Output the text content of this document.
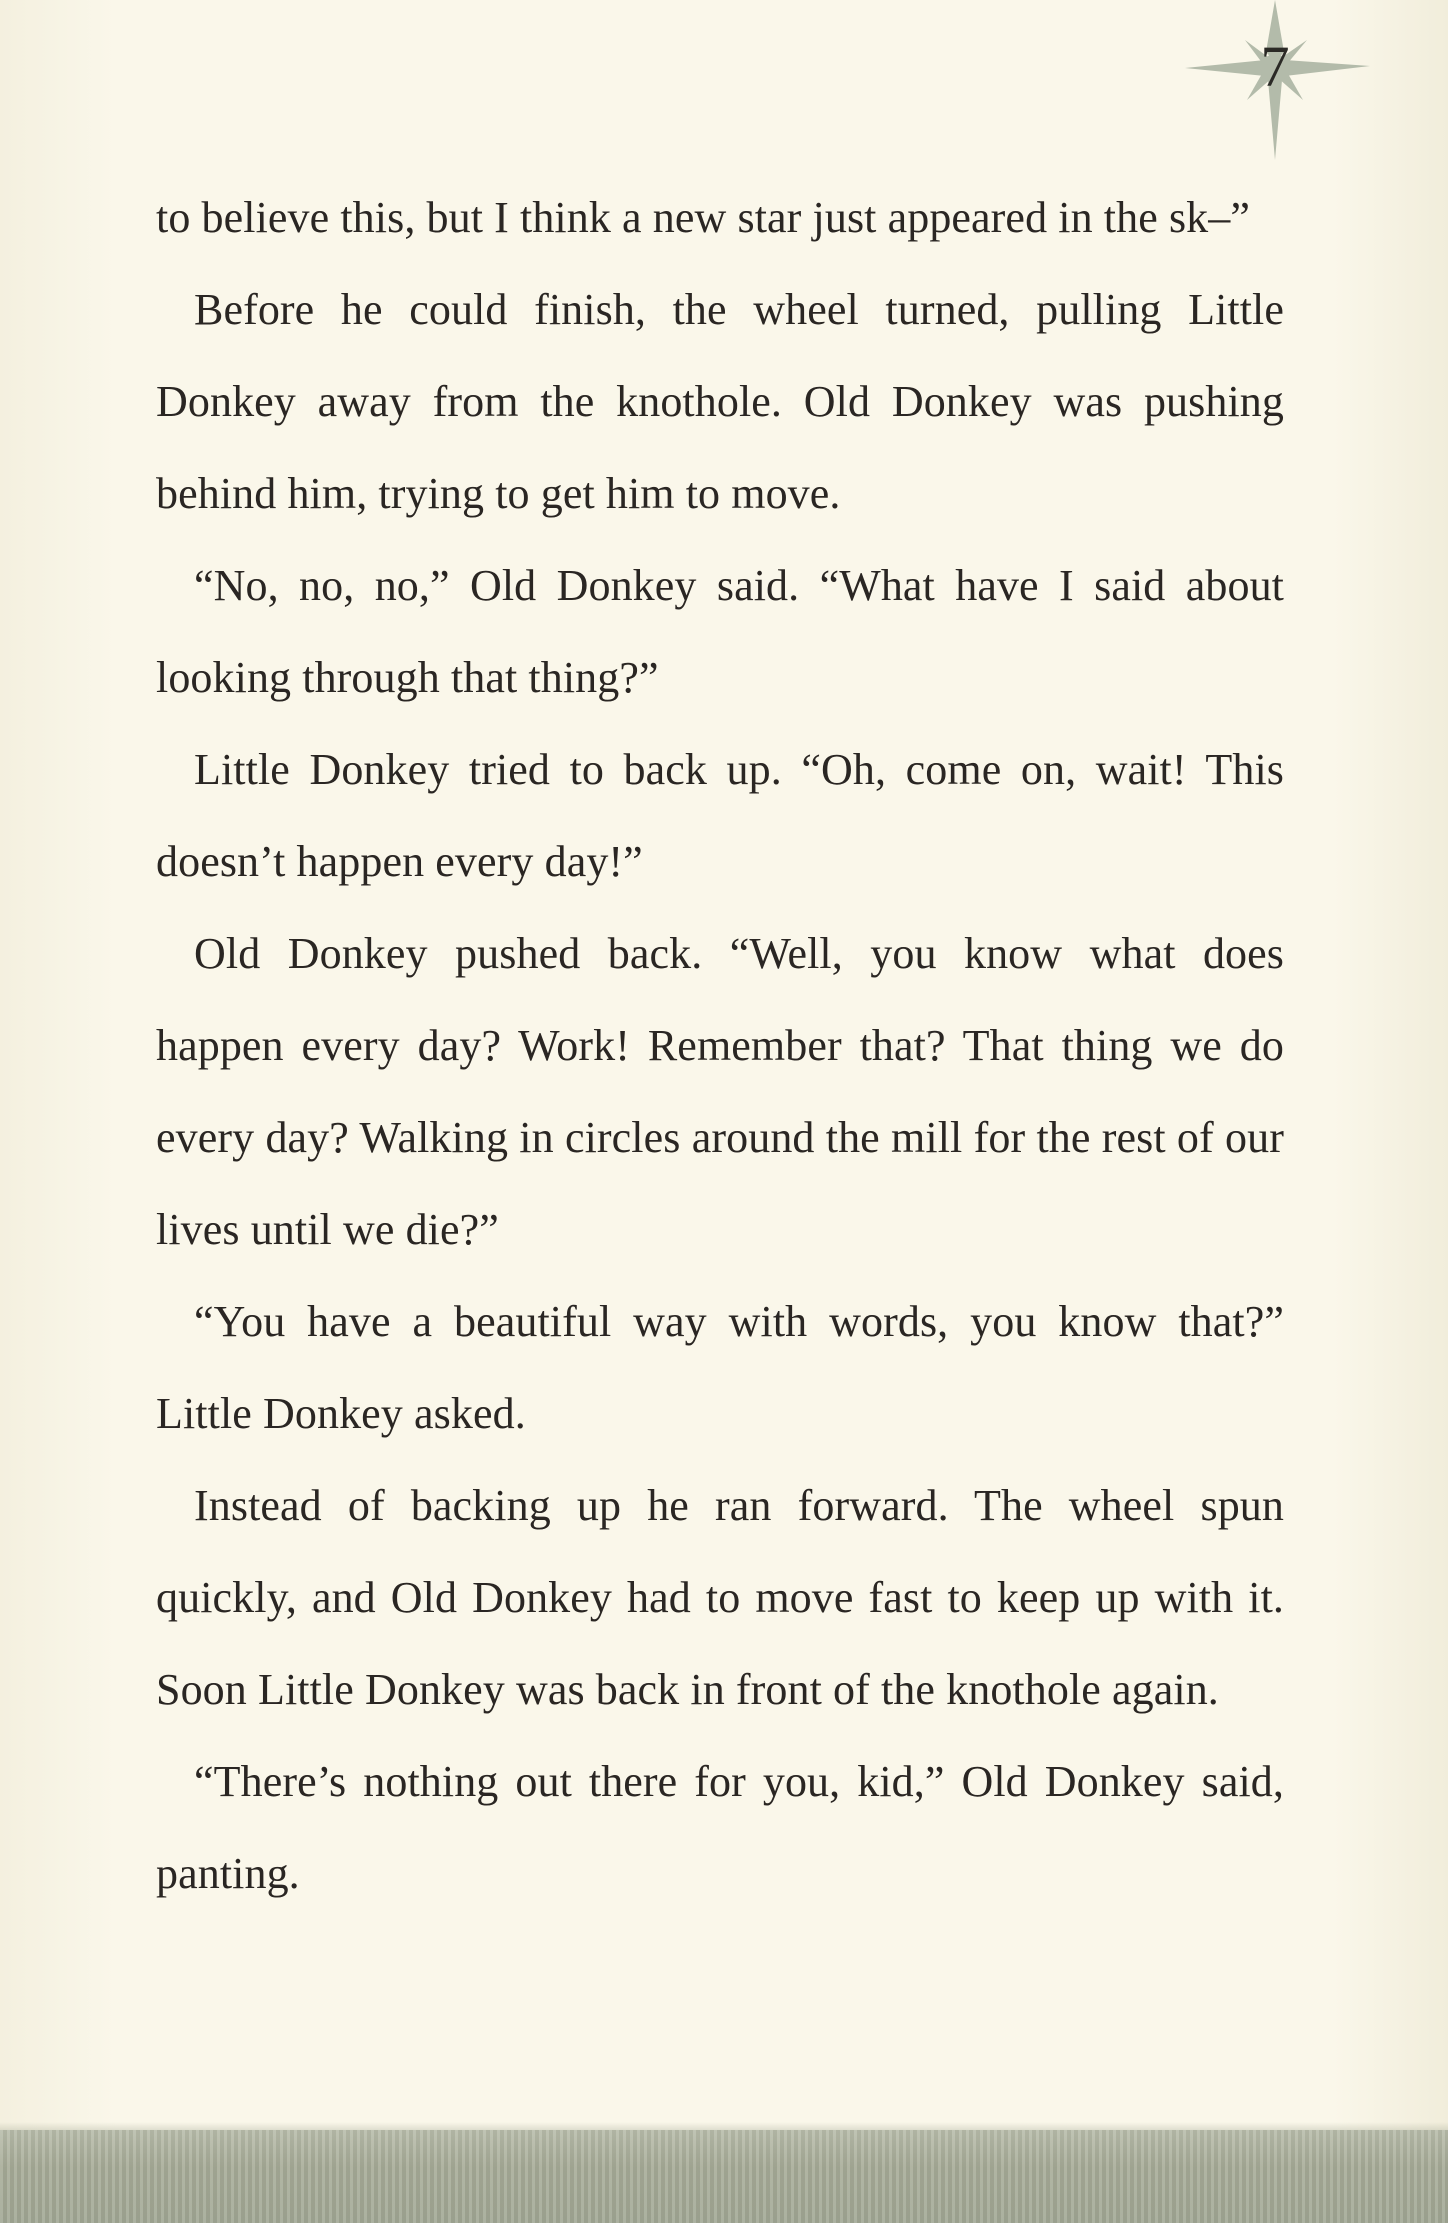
7

to believe this, but I think a new star just appeared in the sk–”

Before he could finish, the wheel turned, pulling Little Donkey away from the knothole. Old Donkey was pushing behind him, trying to get him to move.

“No, no, no,” Old Donkey said. “What have I said about looking through that thing?”

Little Donkey tried to back up. “Oh, come on, wait! This doesn’t happen every day!”

Old Donkey pushed back. “Well, you know what does happen every day? Work! Remember that? That thing we do every day? Walking in circles around the mill for the rest of our lives until we die?”

“You have a beautiful way with words, you know that?” Little Donkey asked.

Instead of backing up he ran forward. The wheel spun quickly, and Old Donkey had to move fast to keep up with it. Soon Little Donkey was back in front of the knothole again.

“There’s nothing out there for you, kid,” Old Donkey said, panting.
